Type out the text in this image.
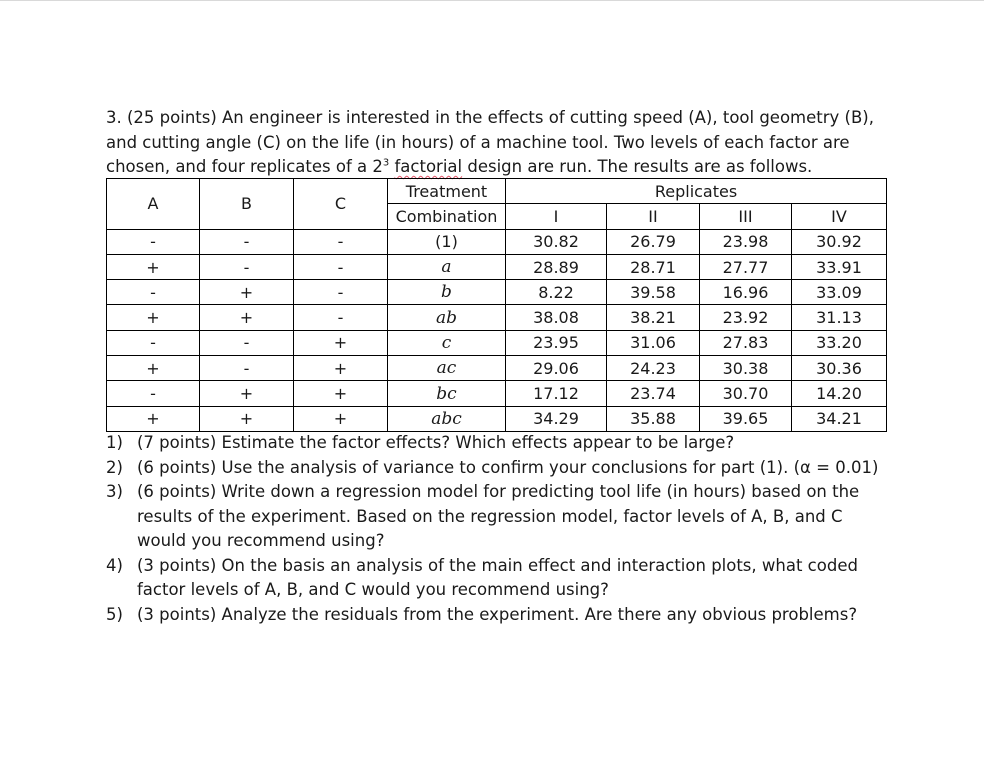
3. (25 points) An engineer is interested in the effects of cutting speed (A), tool geometry (B),
and cutting angle (C) on the life (in hours) of a machine tool. Two levels of each factor are
chosen, and four replicates of a $2^3$ factorial design are run. The results are as follows.
A	B	C	Treatment	Replicates			
			Combination	I	II	III	IV
-	-	-	(1)	30.82	26.79	23.98	30.92
+	-	-	a	28.89	28.71	27.77	33.91
-	+	-	b	8.22	39.58	16.96	33.09
+	+	-	ab	38.08	38.21	23.92	31.13
-	-	+	c	23.95	31.06	27.83	33.20
+	-	+	ac	29.06	24.23	30.38	30.36
-	+	+	bc	17.12	23.74	30.70	14.20
+	+	+	abc	34.29	35.88	39.65	34.21
1) (7 points) Estimate the factor effects? Which effects appear to be large?
2) (6 points) Use the analysis of variance to confirm your conclusions for part (1). (α = 0.01)
3) (6 points) Write down a regression model for predicting tool life (in hours) based on the results of the experiment. Based on the regression model, factor levels of A, B, and C would you recommend using?
4) (3 points) On the basis an analysis of the main effect and interaction plots, what coded factor levels of A, B, and C would you recommend using?
5) (3 points) Analyze the residuals from the experiment. Are there any obvious problems?
